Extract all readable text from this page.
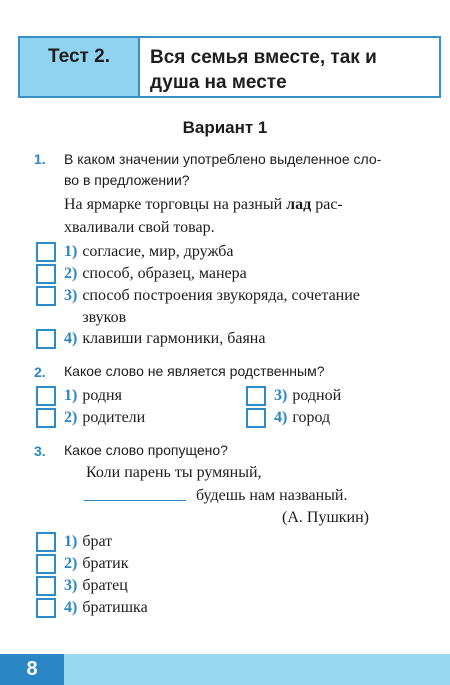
Тест 2.	Вся семья вместе, так и душа на месте
Вариант 1
1. В каком значении употреблено выделенное сло-
во в предложении?
На ярмарке торговцы на разный лад рас-
хваливали свой товар.
1) согласие, мир, дружба
2) способ, образец, манера
3) способ построения звукоряда, сочетание
звуков
4) клавиши гармоники, баяна
2. Какое слово не является родственным?
1) родня
2) родители
3) родной
4) город
3. Какое слово пропущено?
Коли парень ты румяный,
будешь нам названый.
(А. Пушкин)
1) брат
2) братик
3) братец
4) братишка
8
